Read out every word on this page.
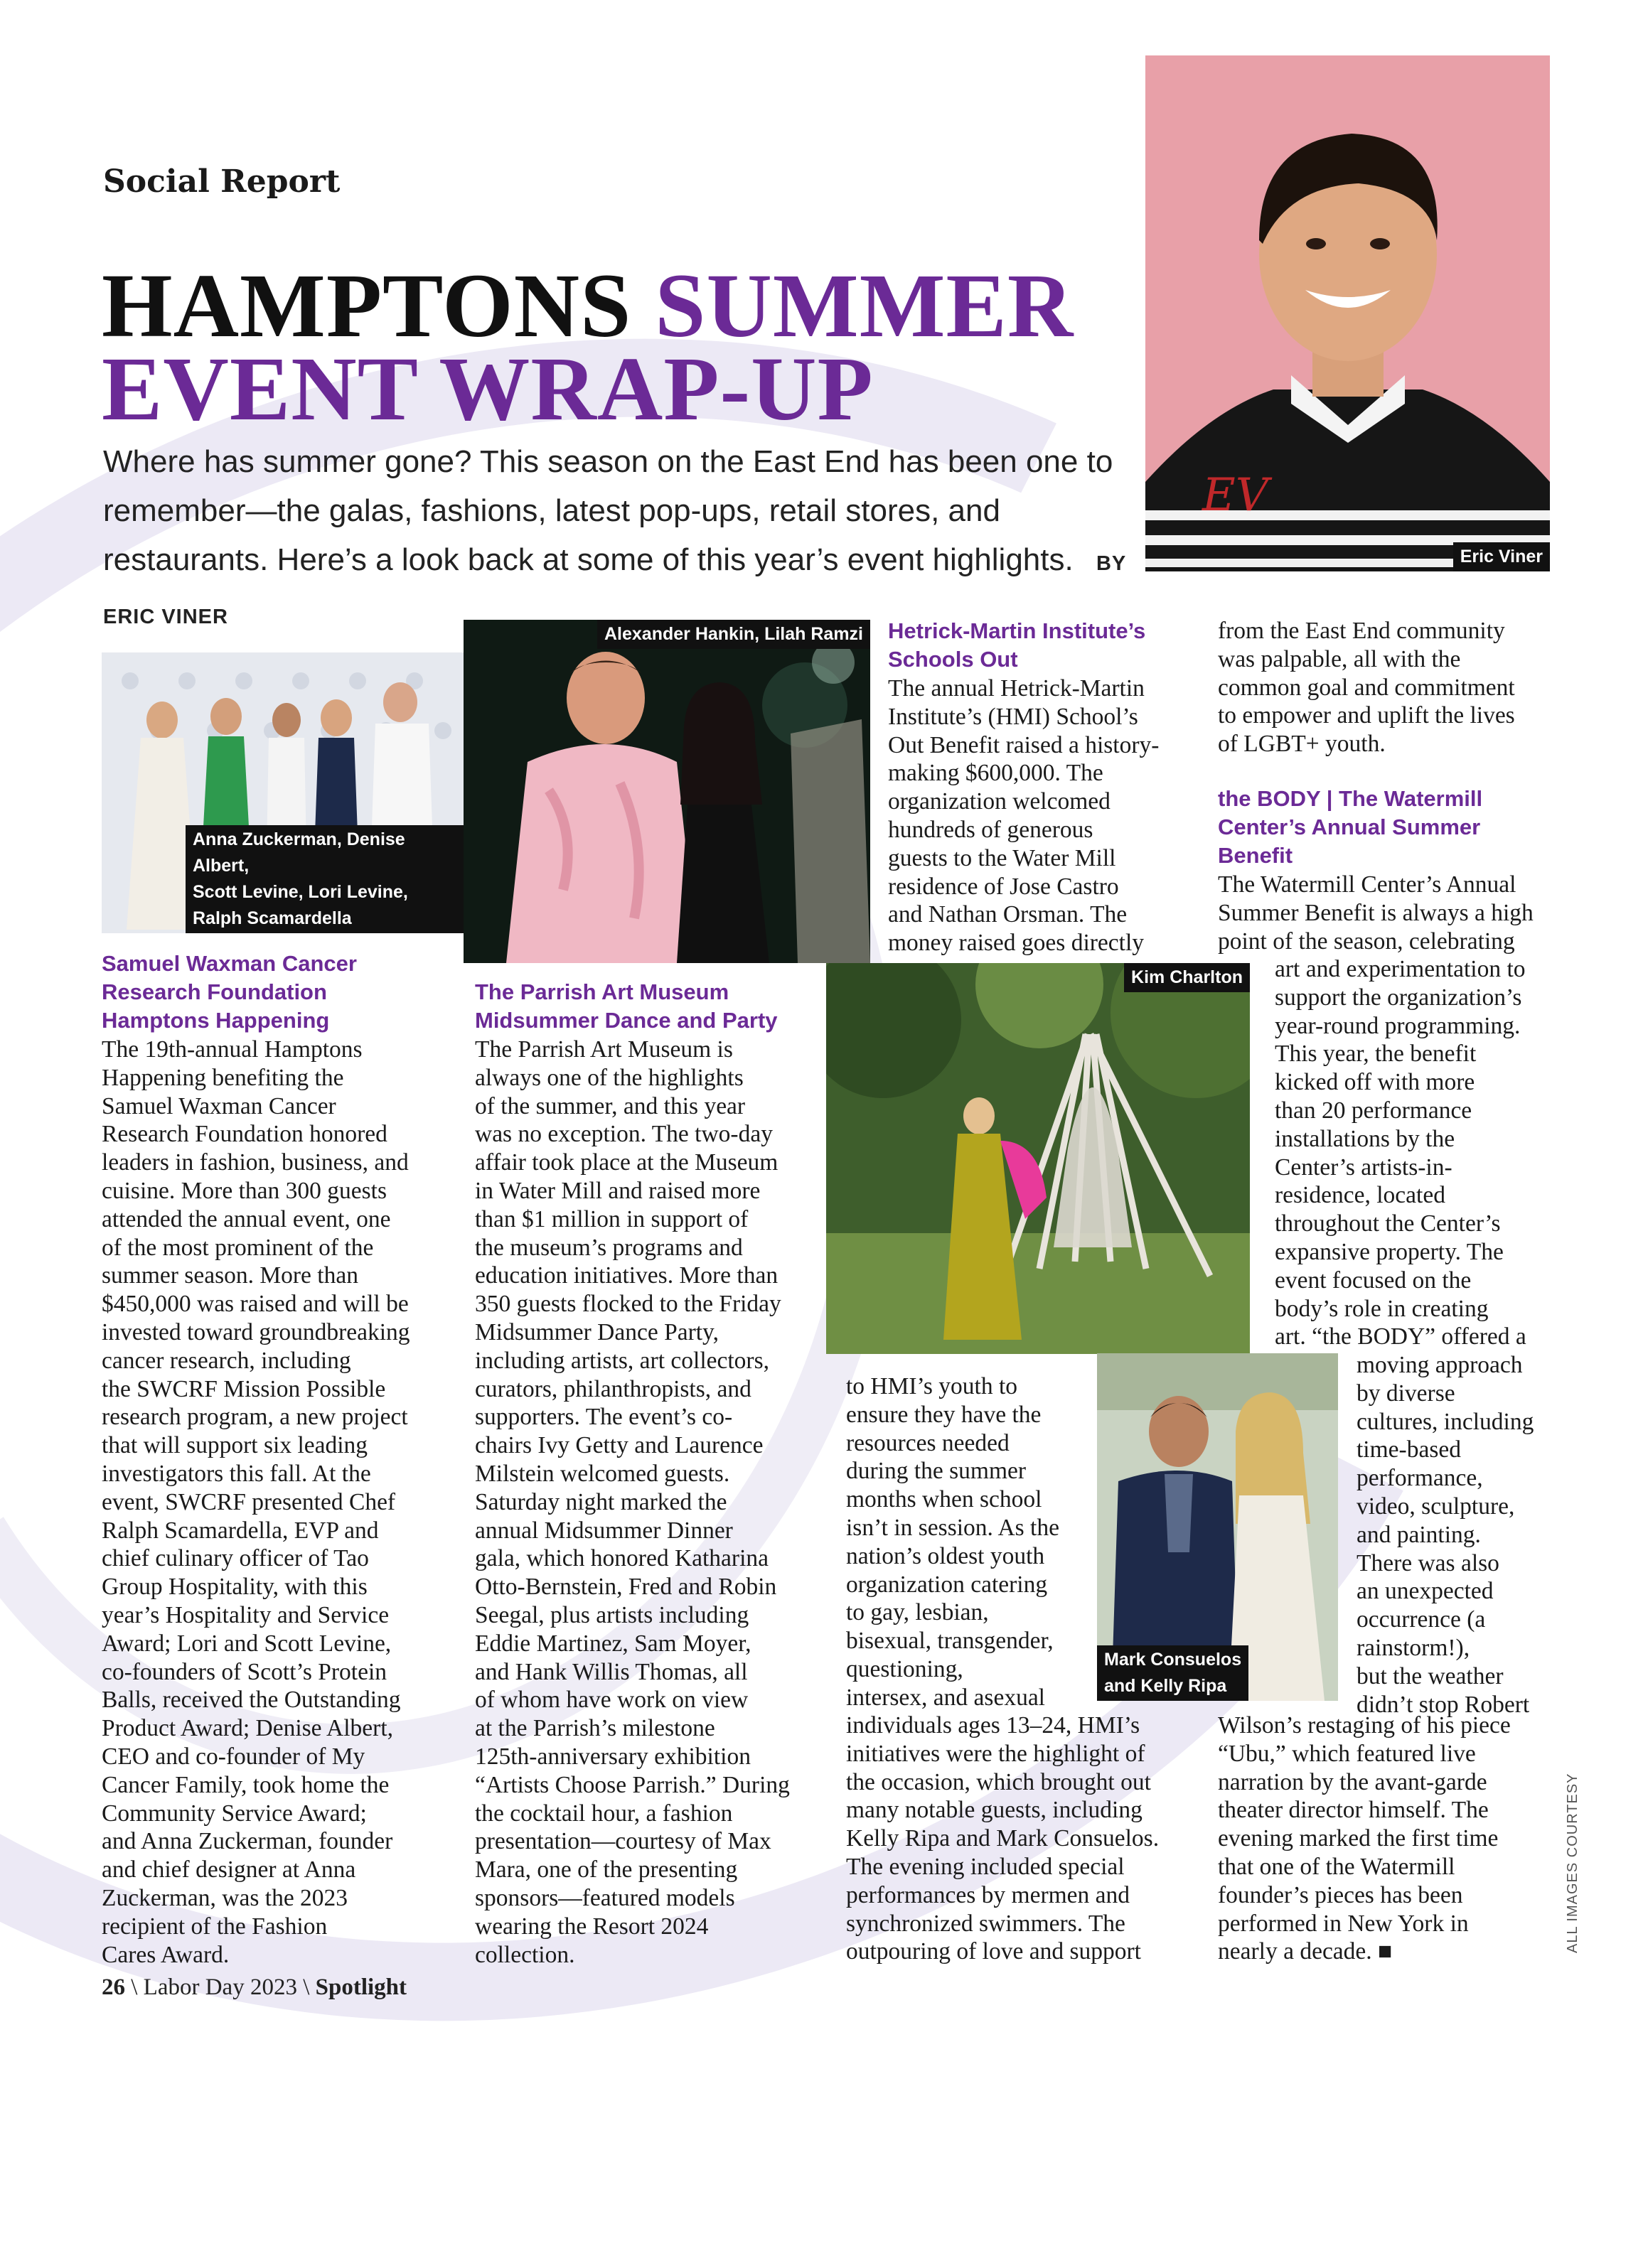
Social Report
HAMPTONS SUMMER
EVENT WRAP-UP
Where has summer gone? This season on the East End has been one to remember—the galas, fashions, latest pop-ups, retail stores, and restaurants. Here’s a look back at some of this year’s event highlights. BY ERIC VINER
EV
Eric Viner
Anna Zuckerman, Denise Albert,
Scott Levine, Lori Levine,
Ralph Scamardella
Alexander Hankin, Lilah Ramzi
Kim Charlton
Mark Consuelos
and Kelly Ripa
Samuel Waxman Cancer
Research Foundation
Hamptons Happening
The 19th-annual Hamptons
Happening benefiting the
Samuel Waxman Cancer
Research Foundation honored
leaders in fashion, business, and
cuisine. More than 300 guests
attended the annual event, one
of the most prominent of the
summer season. More than
$450,000 was raised and will be
invested toward groundbreaking
cancer research, including
the SWCRF Mission Possible
research program, a new project
that will support six leading
investigators this fall. At the
event, SWCRF presented Chef
Ralph Scamardella, EVP and
chief culinary officer of Tao
Group Hospitality, with this
year’s Hospitality and Service
Award; Lori and Scott Levine,
co-founders of Scott’s Protein
Balls, received the Outstanding
Product Award; Denise Albert,
CEO and co-founder of My
Cancer Family, took home the
Community Service Award;
and Anna Zuckerman, founder
and chief designer at Anna
Zuckerman, was the 2023
recipient of the Fashion
Cares Award.
The Parrish Art Museum
Midsummer Dance and Party
The Parrish Art Museum is
always one of the highlights
of the summer, and this year
was no exception. The two-day
affair took place at the Museum
in Water Mill and raised more
than $1 million in support of
the museum’s programs and
education initiatives. More than
350 guests flocked to the Friday
Midsummer Dance Party,
including artists, art collectors,
curators, philanthropists, and
supporters. The event’s co-
chairs Ivy Getty and Laurence
Milstein welcomed guests.
Saturday night marked the
annual Midsummer Dinner
gala, which honored Katharina
Otto-Bernstein, Fred and Robin
Seegal, plus artists including
Eddie Martinez, Sam Moyer,
and Hank Willis Thomas, all
of whom have work on view
at the Parrish’s milestone
125th-anniversary exhibition
“Artists Choose Parrish.” During
the cocktail hour, a fashion
presentation—courtesy of Max
Mara, one of the presenting
sponsors—featured models
wearing the Resort 2024
collection.
Hetrick-Martin Institute’s
Schools Out
The annual Hetrick-Martin
Institute’s (HMI) School’s
Out Benefit raised a history-
making $600,000. The
organization welcomed
hundreds of generous
guests to the Water Mill
residence of Jose Castro
and Nathan Orsman. The
money raised goes directly
to HMI’s youth to
ensure they have the
resources needed
during the summer
months when school
isn’t in session. As the
nation’s oldest youth
organization catering
to gay, lesbian,
bisexual, transgender,
questioning,
intersex, and asexual
individuals ages 13–24, HMI’s
initiatives were the highlight of
the occasion, which brought out
many notable guests, including
Kelly Ripa and Mark Consuelos.
The evening included special
performances by mermen and
synchronized swimmers. The
outpouring of love and support
from the East End community
was palpable, all with the
common goal and commitment
to empower and uplift the lives
of LGBT+ youth.
the BODY | The Watermill
Center’s Annual Summer
Benefit
The Watermill Center’s Annual
Summer Benefit is always a high
point of the season, celebrating
art and experimentation to
support the organization’s
year-round programming.
This year, the benefit
kicked off with more
than 20 performance
installations by the
Center’s artists-in-
residence, located
throughout the Center’s
expansive property. The
event focused on the
body’s role in creating
art. “the BODY” offered a
moving approach
by diverse
cultures, including
time-based
performance,
video, sculpture,
and painting.
There was also
an unexpected
occurrence (a
rainstorm!),
but the weather
didn’t stop Robert
Wilson’s restaging of his piece
“Ubu,” which featured live
narration by the avant-garde
theater director himself. The
evening marked the first time
that one of the Watermill
founder’s pieces has been
performed in New York in
nearly a decade. ■	ALL IMAGES COURTESY
26 \ Labor Day 2023 \ Spotlight
